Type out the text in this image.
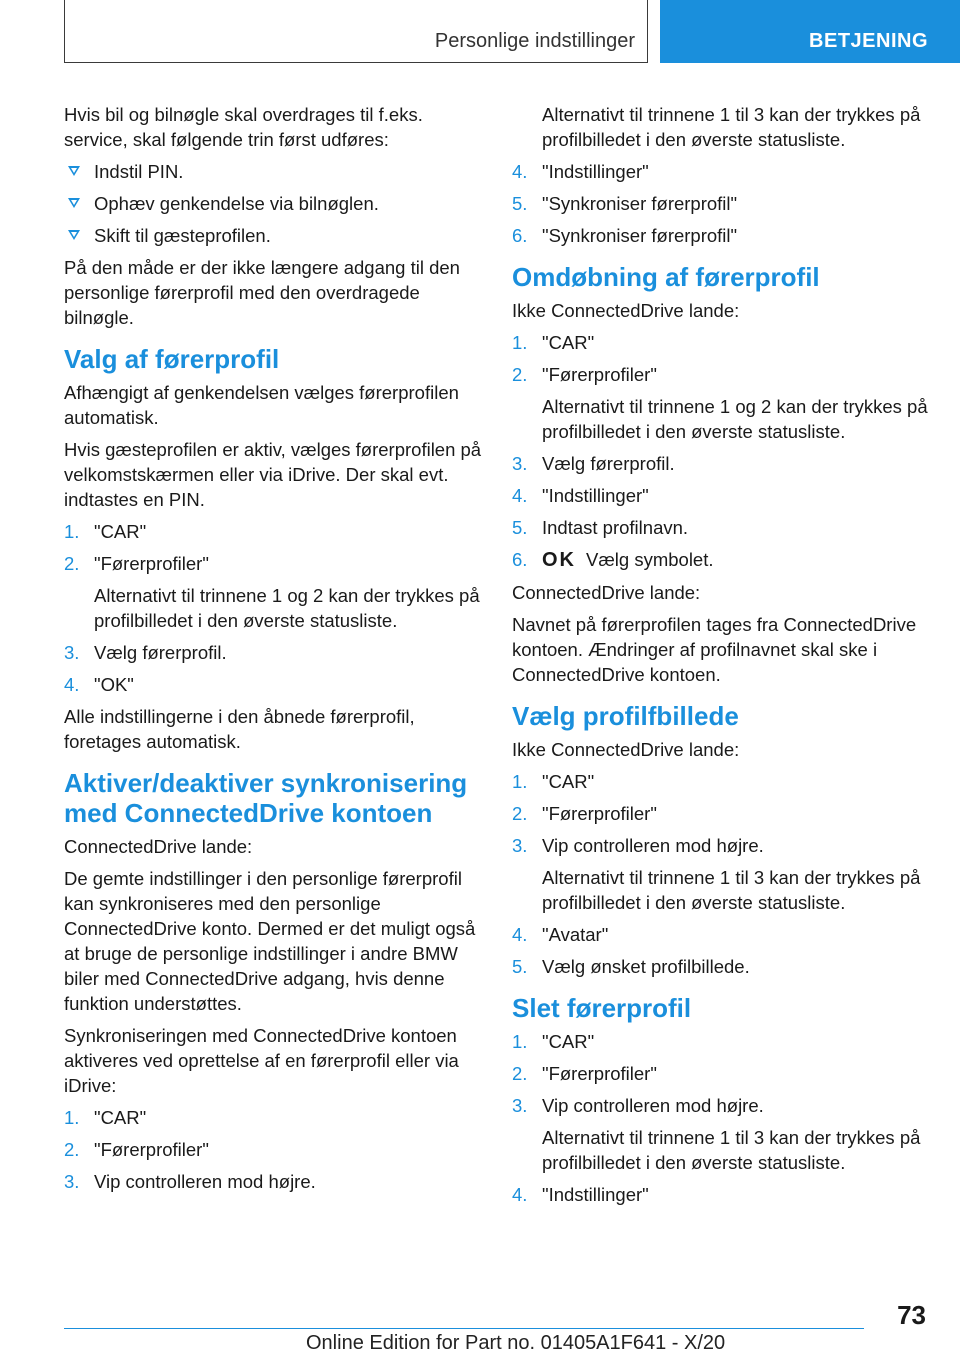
Personlige indstillinger	BETJENING

Hvis bil og bilnøgle skal overdrages til f.eks. service, skal følgende trin først udføres:

Indstil PIN.
Ophæv genkendelse via bilnøglen.
Skift til gæsteprofilen.

På den måde er der ikke længere adgang til den personlige førerprofil med den overdragede bilnøgle.

Valg af førerprofil

Afhængigt af genkendelsen vælges førerprofilen automatisk.

Hvis gæsteprofilen er aktiv, vælges førerprofilen på velkomstskærmen eller via iDrive. Der skal evt. indtastes en PIN.

1. "CAR"
2. "Førerprofiler"
Alternativt til trinnene 1 og 2 kan der trykkes på profilbilledet i den øverste statusliste.
3. Vælg førerprofil.
4. "OK"

Alle indstillingerne i den åbnede førerprofil, foretages automatisk.

Aktiver/deaktiver synkronisering med ConnectedDrive kontoen

ConnectedDrive lande:

De gemte indstillinger i den personlige førerprofil kan synkroniseres med den personlige ConnectedDrive konto. Dermed er det muligt også at bruge de personlige indstillinger i andre BMW biler med ConnectedDrive adgang, hvis denne funktion understøttes.

Synkroniseringen med ConnectedDrive kontoen aktiveres ved oprettelse af en førerprofil eller via iDrive:

1. "CAR"
2. "Førerprofiler"
3. Vip controlleren mod højre.

Alternativt til trinnene 1 til 3 kan der trykkes på profilbilledet i den øverste statusliste.

4. "Indstillinger"
5. "Synkroniser førerprofil"
6. "Synkroniser førerprofil"
Omdøbning af førerprofil

Ikke ConnectedDrive lande:

1. "CAR"
2. "Førerprofiler"
Alternativt til trinnene 1 og 2 kan der trykkes på profilbilledet i den øverste statusliste.
3. Vælg førerprofil.
4. "Indstillinger"
5. Indtast profilnavn.
6. OK Vælg symbolet.

ConnectedDrive lande:

Navnet på førerprofilen tages fra ConnectedDrive kontoen. Ændringer af profilnavnet skal ske i ConnectedDrive kontoen.

Vælg profilfbillede

Ikke ConnectedDrive lande:

1. "CAR"
2. "Førerprofiler"
3. Vip controlleren mod højre.
Alternativt til trinnene 1 til 3 kan der trykkes på profilbilledet i den øverste statusliste.
4. "Avatar"
5. Vælg ønsket profilbillede.
Slet førerprofil
1. "CAR"
2. "Førerprofiler"
3. Vip controlleren mod højre.
Alternativt til trinnene 1 til 3 kan der trykkes på profilbilledet i den øverste statusliste.
4. "Indstillinger"
73
Online Edition for Part no. 01405A1F641 - X/20
